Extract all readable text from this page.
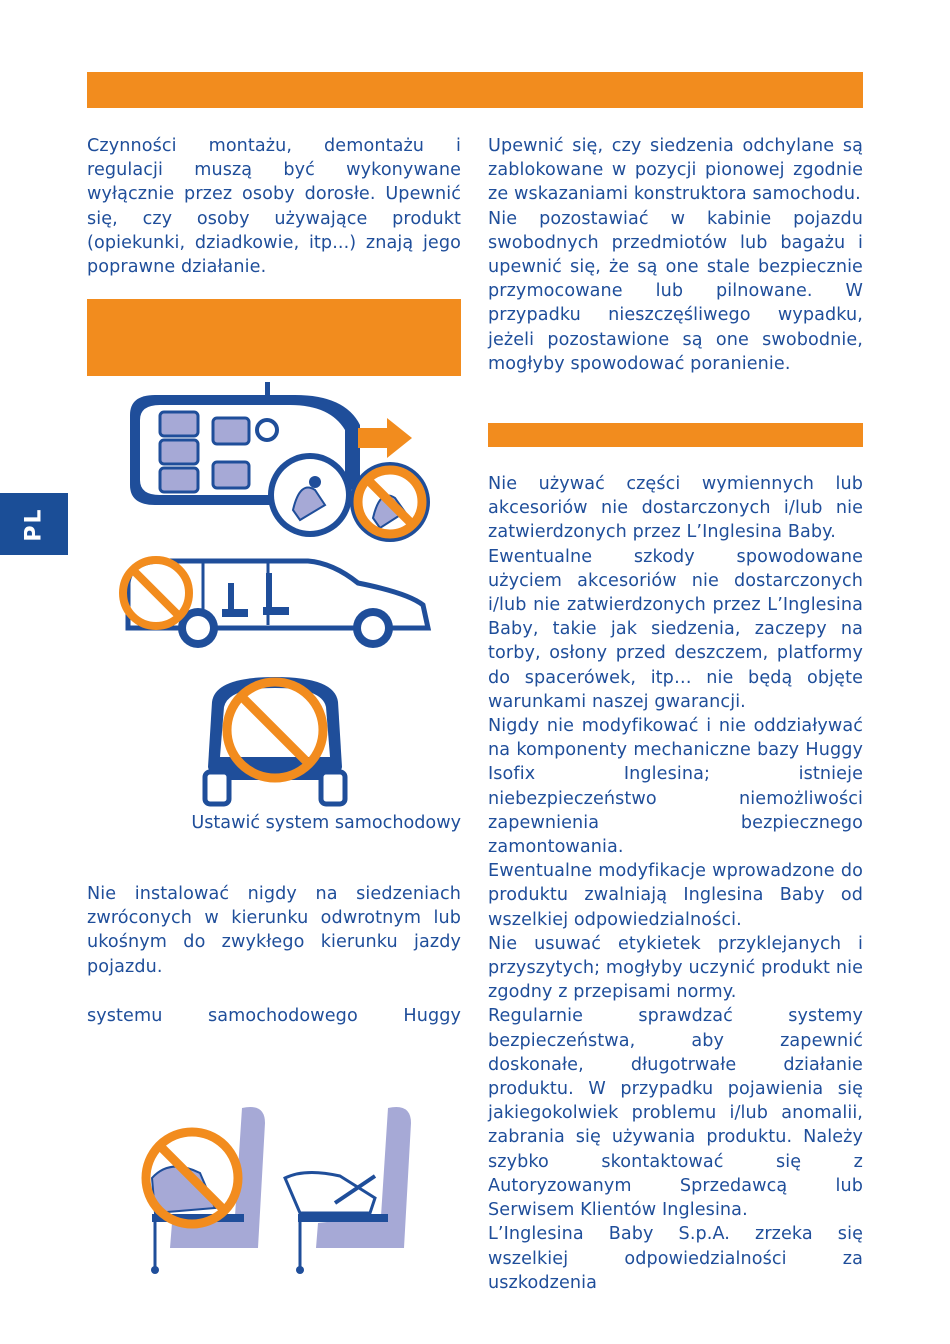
PL

Czynności montażu, demontażu i regulacji muszą być wykonywane wyłącznie przez osoby dorosłe. Upewnić się, czy osoby używające produkt (opiekunki, dziadkowie, itp...) znają jego poprawne działanie.

Ustawić system samochodowy

Nie instalować nigdy na siedzeniach zwróconych w kierunku odwrotnym lub ukośnym do zwykłego kierunku jazdy pojazdu.

systemu samochodowego Huggy

Upewnić się, czy siedzenia odchylane są zablokowane w pozycji pionowej zgodnie ze wskazaniami konstruktora samochodu.

Nie pozostawiać w kabinie pojazdu swobodnych przedmiotów lub bagażu i upewnić się, że są one stale bezpiecznie przymocowane lub pilnowane. W przypadku nieszczęśliwego wypadku, jeżeli pozostawione są one swobodnie, mogłyby spowodować poranienie.

Nie używać części wymiennych lub akcesoriów nie dostarczonych i/lub nie zatwierdzonych przez L’Inglesina Baby.

Ewentualne szkody spowodowane użyciem akcesoriów nie dostarczonych i/lub nie zatwierdzonych przez L’Inglesina Baby, takie jak siedzenia, zaczepy na torby, osłony przed deszczem, platformy do spacerówek, itp… nie będą objęte warunkami naszej gwarancji.

Nigdy nie modyfikować i nie oddziaływać na komponenty mechaniczne bazy Huggy Isofix Inglesina; istnieje niebezpieczeństwo niemożliwości zapewnienia bezpiecznego zamontowania.

Ewentualne modyfikacje wprowadzone do produktu zwalniają Inglesina Baby od wszelkiej odpowiedzialności.

Nie usuwać etykietek przyklejanych i przyszytych; mogłyby uczynić produkt nie zgodny z przepisami normy.

Regularnie sprawdzać systemy bezpieczeństwa, aby zapewnić doskonałe, długotrwałe działanie produktu. W przypadku pojawienia się jakiegokolwiek problemu i/lub anomalii, zabrania się używania produktu. Należy szybko skontaktować się z Autoryzowanym Sprzedawcą lub Serwisem Klientów Inglesina.

L’Inglesina Baby S.p.A. zrzeka się wszelkiej odpowiedzialności za uszkodzenia
